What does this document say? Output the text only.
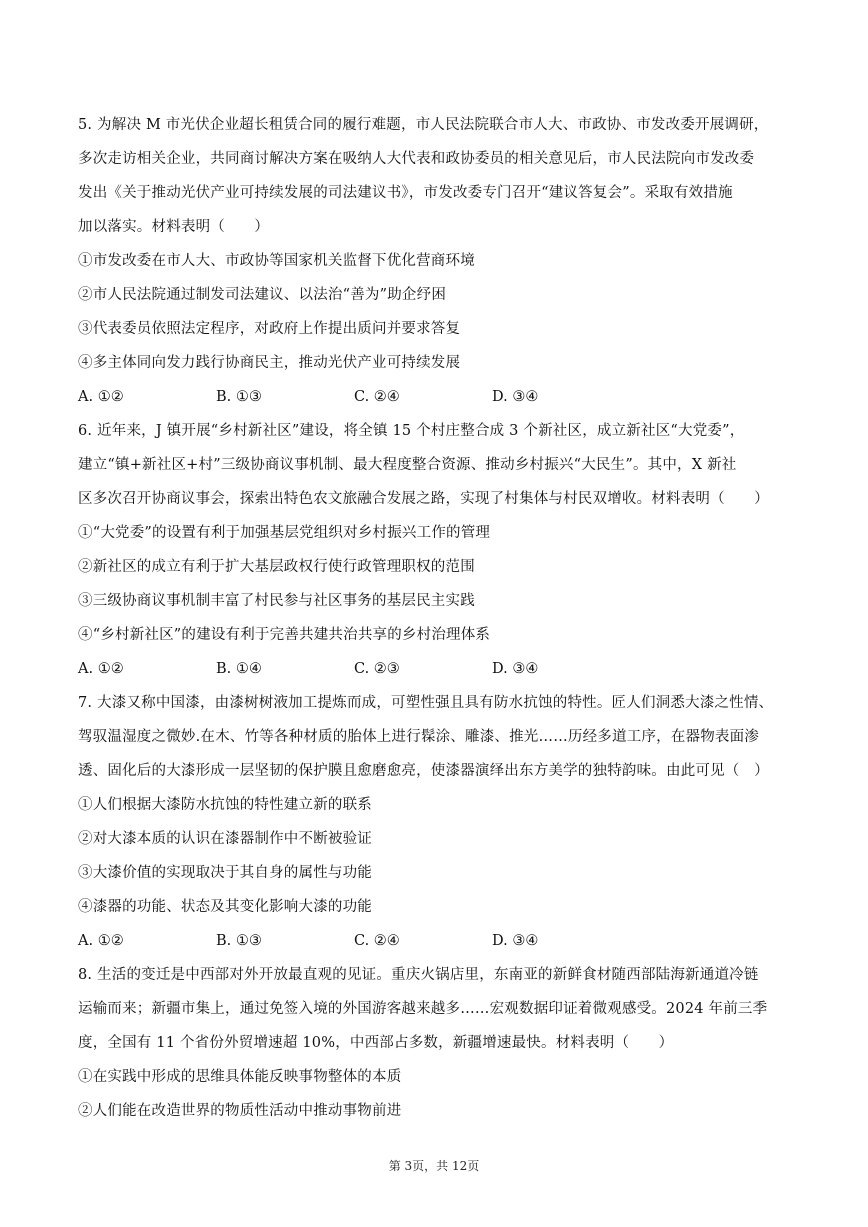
5. 为解决 M 市光伏企业超长租赁合同的履行难题，市人民法院联合市人大、市政协、市发改委开展调研，
多次走访相关企业，共同商讨解决方案在吸纳人大代表和政协委员的相关意见后，市人民法院向市发改委
发出《关于推动光伏产业可持续发展的司法建议书》，市发改委专门召开“建议答复会”。采取有效措施
加以落实。材料表明（　　）
①市发改委在市人大、市政协等国家机关监督下优化营商环境
②市人民法院通过制发司法建议、以法治“善为”助企纾困
③代表委员依照法定程序，对政府上作提出质问并要求答复
④多主体同向发力践行协商民主，推动光伏产业可持续发展
A. ①②	B. ①③	C. ②④	D. ③④
6. 近年来，J 镇开展“乡村新社区”建设，将全镇 15 个村庄整合成 3 个新社区，成立新社区“大党委”，
建立“镇+新社区+村”三级协商议事机制、最大程度整合资源、推动乡村振兴“大民生”。其中，X 新社
区多次召开协商议事会，探索出特色农文旅融合发展之路，实现了村集体与村民双增收。材料表明（　　）
①“大党委”的设置有利于加强基层党组织对乡村振兴工作的管理
②新社区的成立有利于扩大基层政权行使行政管理职权的范围
③三级协商议事机制丰富了村民参与社区事务的基层民主实践
④“乡村新社区”的建设有利于完善共建共治共享的乡村治理体系
A. ①②	B. ①④	C. ②③	D. ③④
7. 大漆又称中国漆，由漆树树液加工提炼而成，可塑性强且具有防水抗蚀的特性。匠人们洞悉大漆之性情、
驾驭温湿度之微妙.在木、竹等各种材质的胎体上进行髹涂、雕漆、推光……历经多道工序，在器物表面渗
透、固化后的大漆形成一层坚韧的保护膜且愈磨愈亮，使漆器演绎出东方美学的独特韵味。由此可见（　）
①人们根据大漆防水抗蚀的特性建立新的联系
②对大漆本质的认识在漆器制作中不断被验证
③大漆价值的实现取决于其自身的属性与功能
④漆器的功能、状态及其变化影响大漆的功能
A. ①②	B. ①③	C. ②④	D. ③④
8. 生活的变迁是中西部对外开放最直观的见证。重庆火锅店里，东南亚的新鲜食材随西部陆海新通道冷链
运输而来；新疆市集上，通过免签入境的外国游客越来越多……宏观数据印证着微观感受。2024 年前三季
度，全国有 11 个省份外贸增速超 10%，中西部占多数，新疆增速最快。材料表明（　　）
①在实践中形成的思维具体能反映事物整体的本质
②人们能在改造世界的物质性活动中推动事物前进
第 3页，共 12页
